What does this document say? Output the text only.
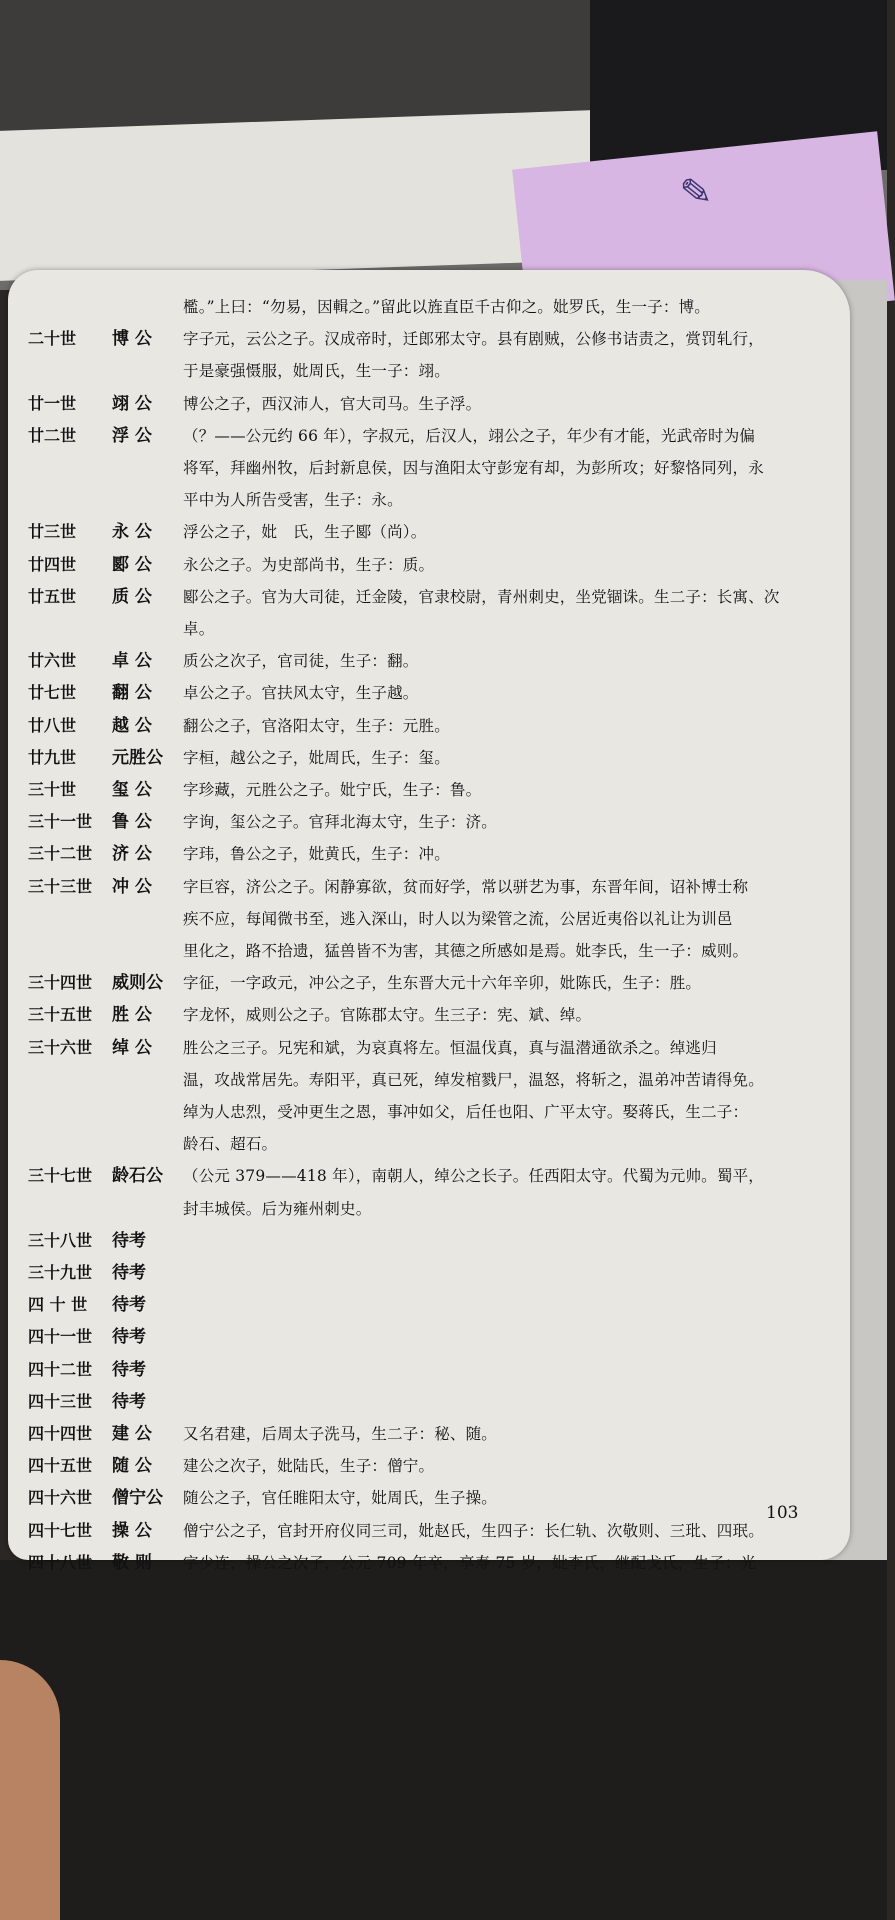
✎
檻。”上曰：“勿易，因輯之。”留此以旌直臣千古仰之。妣罗氏，生一子：博。
二十世	博 公	字子元，云公之子。汉成帝时，迁郎邪太守。县有剧贼，公修书诘责之，赏罚轧行，
于是豪强慑服，妣周氏，生一子：翊。
廿一世	翊 公	博公之子，西汉沛人，官大司马。生子浮。
廿二世	浮 公	（？——公元约 66 年），字叔元，后汉人，翊公之子，年少有才能，光武帝时为偏
将军，拜幽州牧，后封新息侯，因与渔阳太守彭宠有却，为彭所攻；好黎恪同列，永
平中为人所告受害，生子：永。
廿三世	永 公	浮公之子，妣　氏，生子郾（尚）。
廿四世	郾 公	永公之子。为史部尚书，生子：质。
廿五世	质 公	郾公之子。官为大司徒，迁金陵，官隶校尉，青州刺史，坐党锢诛。生二子：长寓、次
卓。
廿六世	卓 公	质公之次子，官司徒，生子：翻。
廿七世	翻 公	卓公之子。官扶风太守，生子越。
廿八世	越 公	翻公之子，官洛阳太守，生子：元胜。
廿九世	元胜公	字桓，越公之子，妣周氏，生子：玺。
三十世	玺 公	字珍藏，元胜公之子。妣宁氏，生子：鲁。
三十一世	鲁 公	字询，玺公之子。官拜北海太守，生子：济。
三十二世	济 公	字玮，鲁公之子，妣黄氏，生子：冲。
三十三世	冲 公	字巨容，济公之子。闲静寡欲，贫而好学，常以骈艺为事，东晋年间，诏补博士称
疾不应，每闻微书至，逃入深山，时人以为梁管之流，公居近夷俗以礼让为训邑
里化之，路不拾遗，猛兽皆不为害，其德之所感如是焉。妣李氏，生一子：威则。
三十四世	威则公	字征，一字政元，冲公之子，生东晋大元十六年辛卯，妣陈氏，生子：胜。
三十五世	胜 公	字龙怀，威则公之子。官陈郡太守。生三子：宪、斌、绰。
三十六世	绰 公	胜公之三子。兄宪和斌，为哀真将左。恒温伐真，真与温潜通欲杀之。绰逃归
温，攻战常居先。寿阳平，真已死，绰发棺戮尸，温怒，将斩之，温弟冲苦请得免。
绰为人忠烈，受冲更生之恩，事冲如父，后任也阳、广平太守。娶蒋氏，生二子：
龄石、超石。
三十七世	龄石公	（公元 379——418 年），南朝人，绰公之长子。任西阳太守。代蜀为元帅。蜀平，
封丰城侯。后为雍州刺史。
三十八世	待考
三十九世	待考
四 十 世	待考
四十一世	待考
四十二世	待考
四十三世	待考
四十四世	建 公	又名君建，后周太子洗马，生二子：秘、随。
四十五世	随 公	建公之次子，妣陆氏，生子：僧宁。
四十六世	僧宁公	随公之子，官任睢阳太守，妣周氏，生子操。
四十七世	操 公	僧宁公之子，官封开府仪同三司，妣赵氏，生四子：长仁轨、次敬则、三玭、四珉。
四十八世	敬 则	字少连，操公之次子，公元 709 年卒，享寿 75 岁，妣李氏，继配戈氏，生子：光
103
